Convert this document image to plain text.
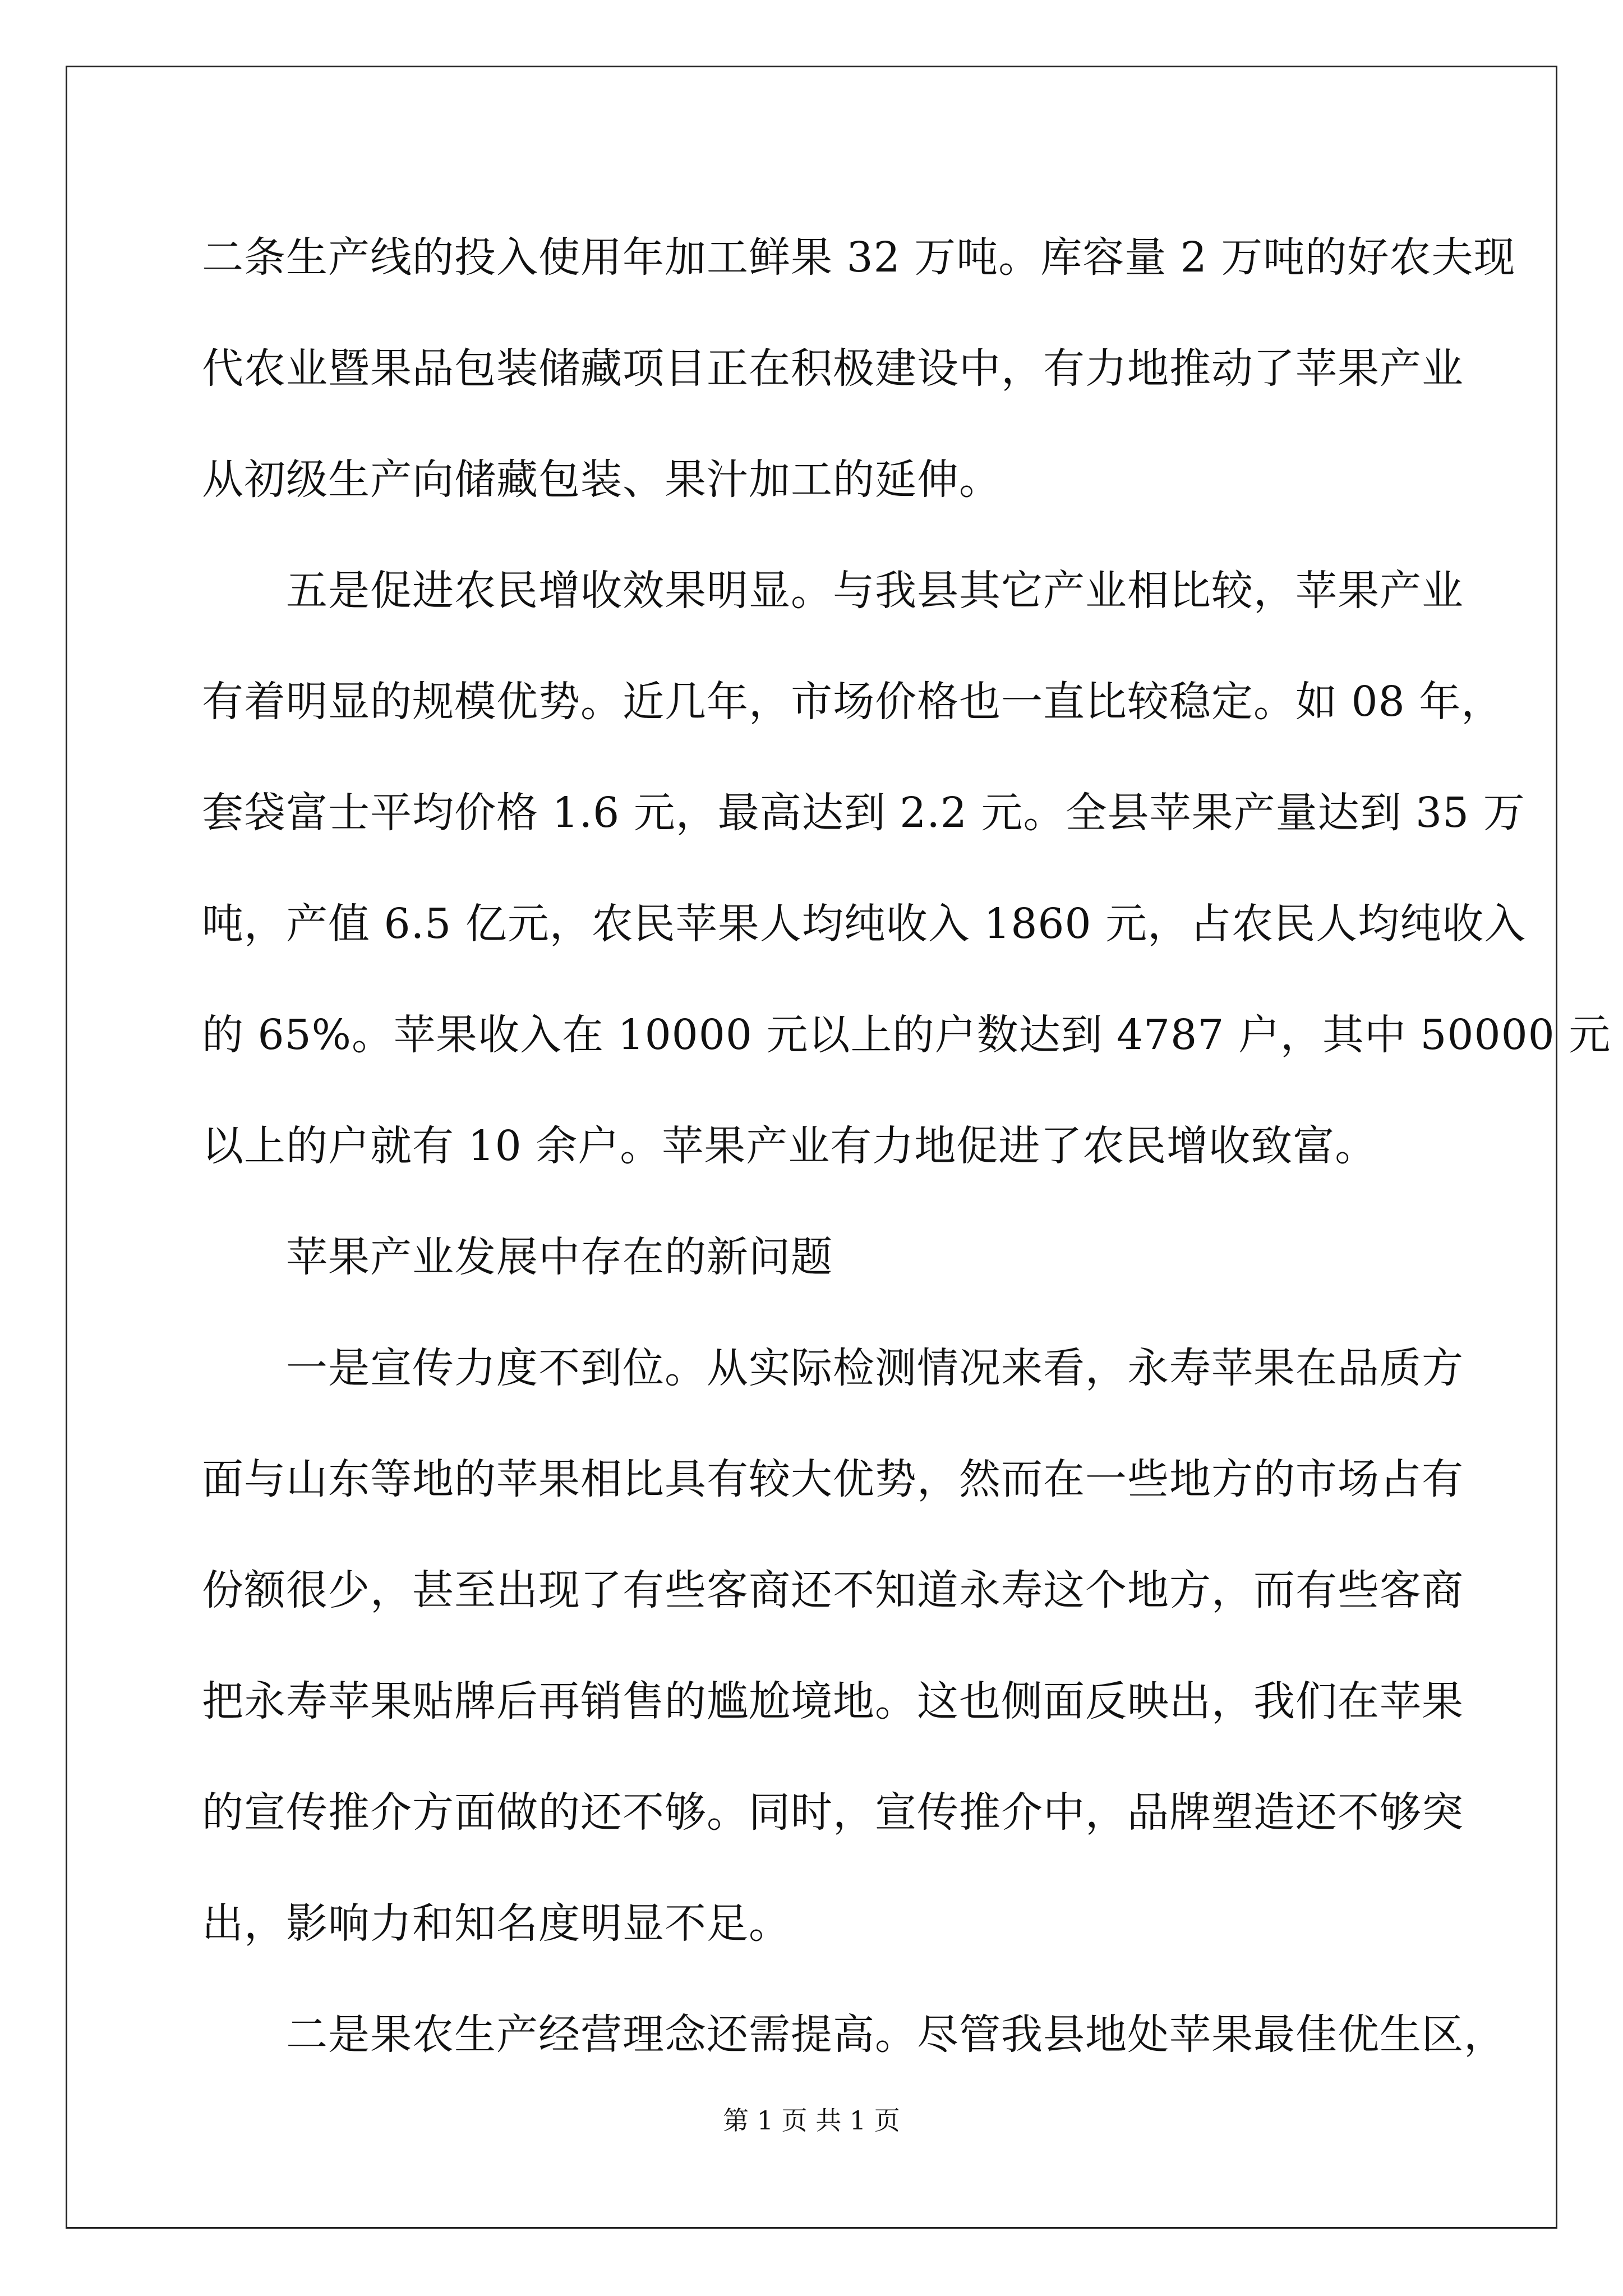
二条生产线的投入使用年加工鲜果 32 万吨。库容量 2 万吨的好农夫现
代农业暨果品包装储藏项目正在积极建设中，有力地推动了苹果产业
从初级生产向储藏包装、果汁加工的延伸。
五是促进农民增收效果明显。与我县其它产业相比较，苹果产业
有着明显的规模优势。近几年，市场价格也一直比较稳定。如 08 年，
套袋富士平均价格 1.6 元，最高达到 2.2 元。全县苹果产量达到 35 万
吨，产值 6.5 亿元，农民苹果人均纯收入 1860 元，占农民人均纯收入
的 65%。苹果收入在 10000 元以上的户数达到 4787 户，其中 50000 元
以上的户就有 10 余户。苹果产业有力地促进了农民增收致富。
苹果产业发展中存在的新问题
一是宣传力度不到位。从实际检测情况来看，永寿苹果在品质方
面与山东等地的苹果相比具有较大优势，然而在一些地方的市场占有
份额很少，甚至出现了有些客商还不知道永寿这个地方，而有些客商
把永寿苹果贴牌后再销售的尴尬境地。这也侧面反映出，我们在苹果
的宣传推介方面做的还不够。同时，宣传推介中，品牌塑造还不够突
出，影响力和知名度明显不足。
二是果农生产经营理念还需提高。尽管我县地处苹果最佳优生区，
第 1 页 共 1 页
